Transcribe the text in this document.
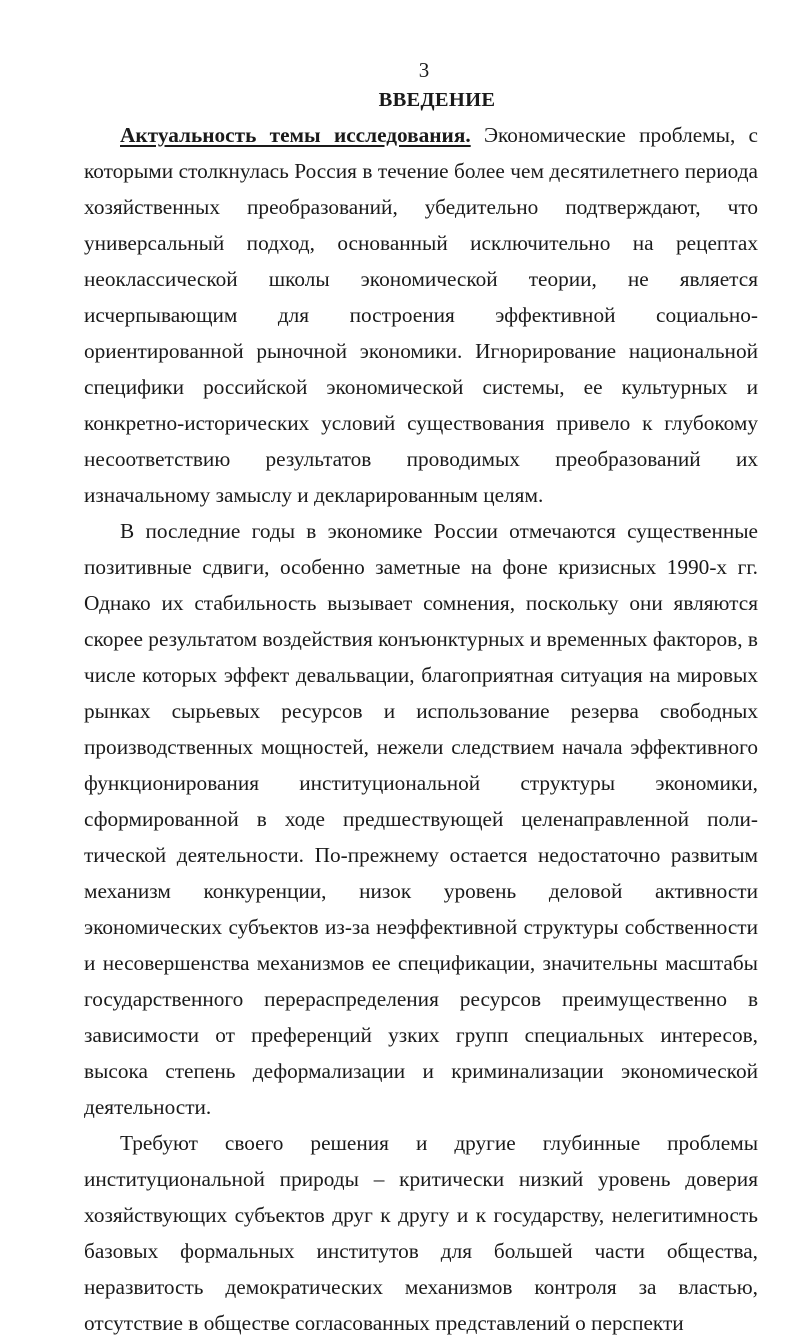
3
ВВЕДЕНИЕ

Актуальность темы исследования. Экономические проблемы, с которыми столкнулась Россия в течение более чем десятилетнего периода хозяйственных преобразований, убедительно подтверждают, что универсальный подход, основанный исключительно на рецептах неоклассической школы экономической теории, не является исчерпывающим для построения эффективной социально-ориентированной рыночной экономики. Игнорирование национальной специфики российской экономической системы, ее культурных и конкретно-исторических условий существования привело к глубокому несоответствию результатов проводимых преобразований их изначальному замыслу и декларированным целям.

В последние годы в экономике России отмечаются существенные позитивные сдвиги, особенно заметные на фоне кризисных 1990-х гг. Однако их стабильность вызывает сомнения, поскольку они являются скорее результатом воздействия конъюнктурных и временных факторов, в числе которых эффект девальвации, благоприятная ситуация на мировых рынках сырьевых ресурсов и использование резерва свободных производственных мощностей, нежели следствием начала эффективного функционирования институциональной структуры экономики, сформированной в ходе предшествующей целенаправленной политической деятельности. По-прежнему остается недостаточно развитым механизм конкуренции, низок уровень деловой активности экономических субъектов из-за неэффективной структуры собственности и несовершенства механизмов ее спецификации, значительны масштабы государственного перераспределения ресурсов преимущественно в зависимости от преференций узких групп специальных интересов, высока степень деформализации и криминализации экономической деятельности.

Требуют своего решения и другие глубинные проблемы институциональной природы – критически низкий уровень доверия хозяйствующих субъектов друг к другу и к государству, нелегитимность базовых формальных институтов для большей части общества, неразвитость демократических механизмов контроля за властью, отсутствие в обществе согласованных представлений о перспекти
